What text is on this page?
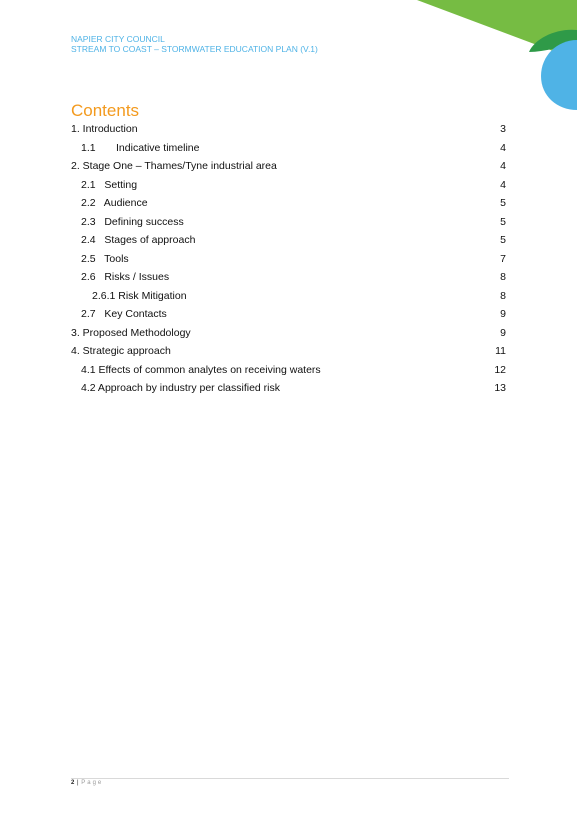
NAPIER CITY COUNCIL
STREAM TO COAST – STORMWATER EDUCATION PLAN (V.1)
Contents
1. Introduction	3
1.1       Indicative timeline	4
2. Stage One – Thames/Tyne industrial area	4
2.1   Setting	4
2.2   Audience	5
2.3   Defining success	5
2.4   Stages of approach	5
2.5   Tools	7
2.6   Risks / Issues	8
2.6.1 Risk Mitigation	8
2.7   Key Contacts	9
3. Proposed Methodology	9
4. Strategic approach	11
4.1 Effects of common analytes on receiving waters	12
4.2 Approach by industry per classified risk	13
2 | Page
